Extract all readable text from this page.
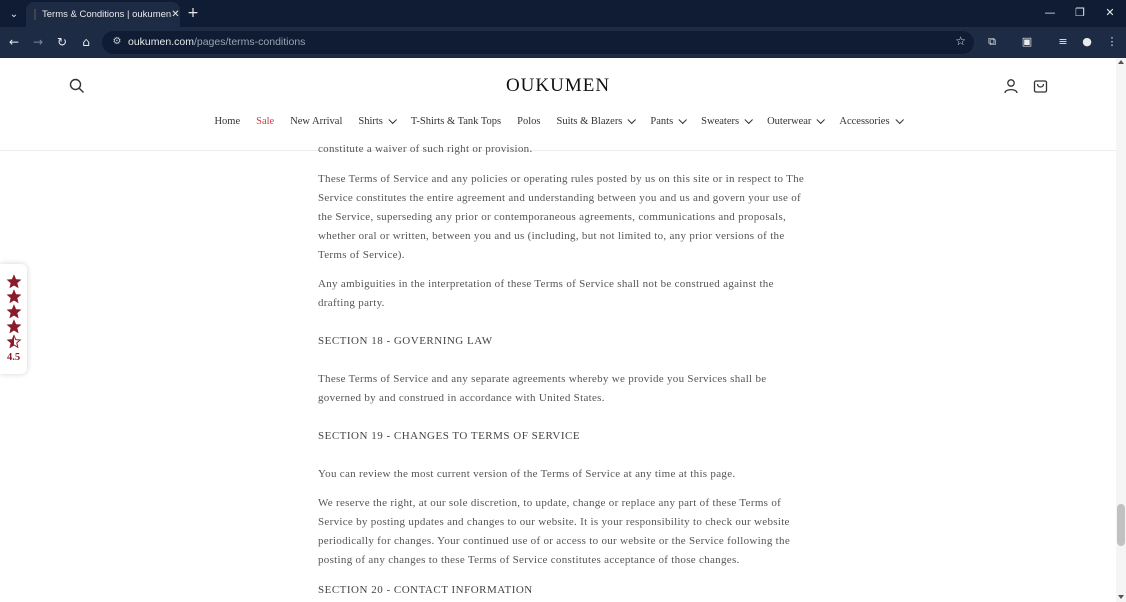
⌄	Terms & Conditions | oukumen ✕ +	— ❐	✕
← → ↻	⌂	⚙ oukumen.com/pages/terms-conditions	☆	⧉	▣	≡	● ⋮
OUKUMEN
Home Sale New Arrival Shirts	T-Shirts & Tank Tops Polos Suits & Blazers	Pants	Sweaters	Outerwear	Accessories
constitute a waiver of such right or provision.
These Terms of Service and any policies or operating rules posted by us on this site or in respect to The Service constitutes the entire agreement and understanding between you and us and govern your use of the Service, superseding any prior or contemporaneous agreements, communications and proposals, whether oral or written, between you and us (including, but not limited to, any prior versions of the Terms of Service).
Any ambiguities in the interpretation of these Terms of Service shall not be construed against the drafting party.
SECTION 18 - GOVERNING LAW
These Terms of Service and any separate agreements whereby we provide you Services shall be governed by and construed in accordance with United States.
SECTION 19 - CHANGES TO TERMS OF SERVICE
You can review the most current version of the Terms of Service at any time at this page.
We reserve the right, at our sole discretion, to update, change or replace any part of these Terms of Service by posting updates and changes to our website. It is your responsibility to check our website periodically for changes. Your continued use of or access to our website or the Service following the posting of any changes to these Terms of Service constitutes acceptance of those changes.
SECTION 20 - CONTACT INFORMATION
4.5
